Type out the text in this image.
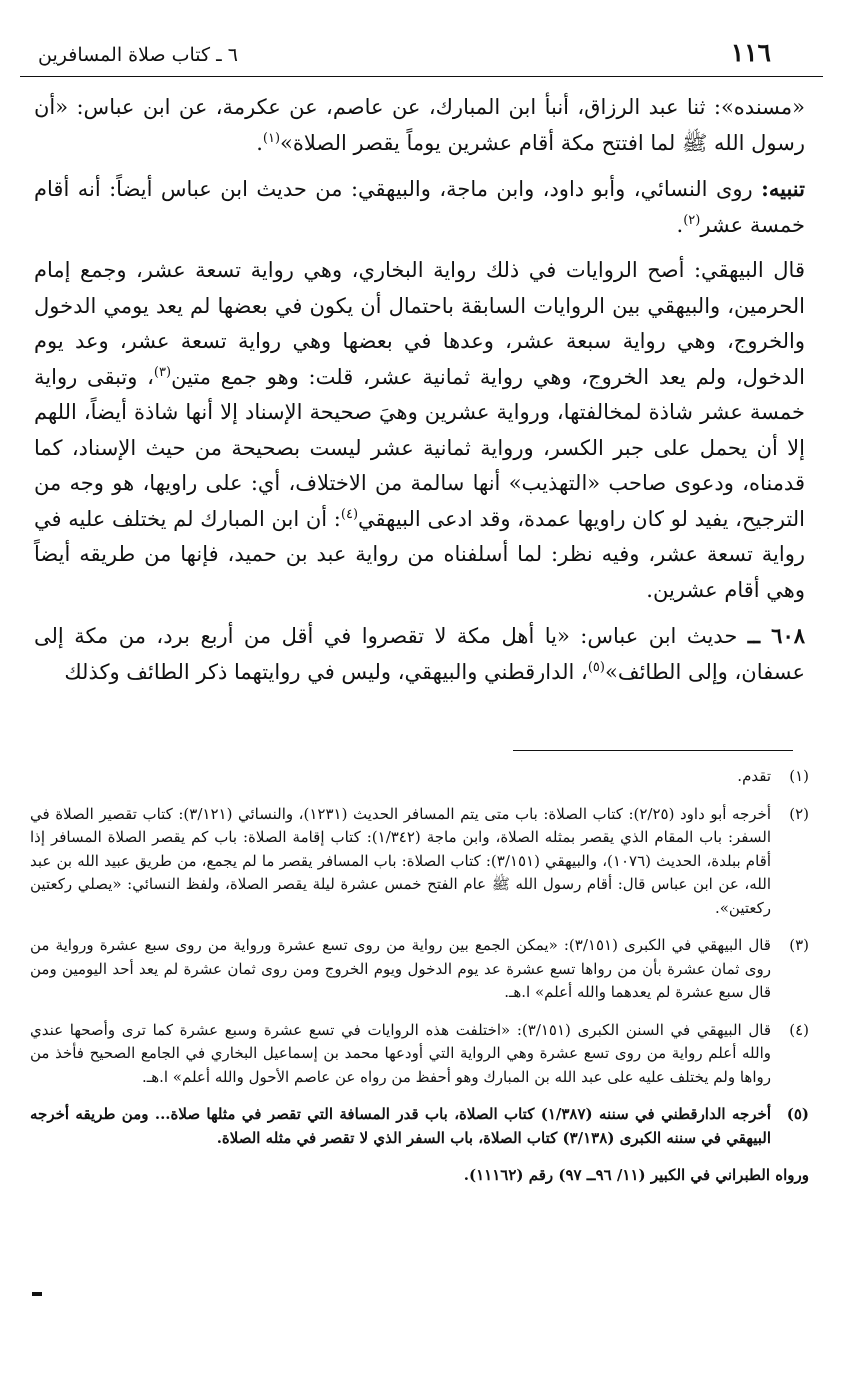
١١٦
٦ ـ كتاب صلاة المسافرين

«مسنده»: ثنا عبد الرزاق، أنبأ ابن المبارك، عن عاصم، عن عكرمة، عن ابن عباس: «أن رسول الله ﷺ لما افتتح مكة أقام عشرين يوماً يقصر الصلاة»$^{(١)}$.

تنبيه: روى النسائي، وأبو داود، وابن ماجة، والبيهقي: من حديث ابن عباس أيضاً: أنه أقام خمسة عشر$^{(٢)}$.

قال البيهقي: أصح الروايات في ذلك رواية البخاري، وهي رواية تسعة عشر، وجمع إمام الحرمين، والبيهقي بين الروايات السابقة باحتمال أن يكون في بعضها لم يعد يومي الدخول والخروج، وهي رواية سبعة عشر، وعدها في بعضها وهي رواية تسعة عشر، وعد يوم الدخول، ولم يعد الخروج، وهي رواية ثمانية عشر، قلت: وهو جمع متين$^{(٣)}$، وتبقى رواية خمسة عشر شاذة لمخالفتها، ورواية عشرين وهيَ صحيحة الإسناد إلا أنها شاذة أيضاً، اللهم إلا أن يحمل على جبر الكسر، ورواية ثمانية عشر ليست بصحيحة من حيث الإسناد، كما قدمناه، ودعوى صاحب «التهذيب» أنها سالمة من الاختلاف، أي: على راويها، هو وجه من الترجيح، يفيد لو كان راويها عمدة، وقد ادعى البيهقي$^{(٤)}$: أن ابن المبارك لم يختلف عليه في رواية تسعة عشر، وفيه نظر: لما أسلفناه من رواية عبد بن حميد، فإنها من طريقه أيضاً وهي أقام عشرين.

٦٠٨ ــ حديث ابن عباس: «يا أهل مكة لا تقصروا في أقل من أربع برد، من مكة إلى عسفان، وإلى الطائف»$^{(٥)}$، الدارقطني والبيهقي، وليس في روايتهما ذكر الطائف وكذلك

(١)
تقدم.
(٢)
أخرجه أبو داود (٢/٢٥): كتاب الصلاة: باب متى يتم المسافر الحديث (١٢٣١)، والنسائي (٣/١٢١): كتاب تقصير الصلاة في السفر: باب المقام الذي يقصر بمثله الصلاة، وابن ماجة (١/٣٤٢): كتاب إقامة الصلاة: باب كم يقصر الصلاة المسافر إذا أقام ببلدة، الحديث (١٠٧٦)، والبيهقي (٣/١٥١): كتاب الصلاة: باب المسافر يقصر ما لم يجمع، من طريق عبيد الله بن عبد الله، عن ابن عباس قال: أقام رسول الله ﷺ عام الفتح خمس عشرة ليلة يقصر الصلاة، ولفظ النسائي: «يصلي ركعتين ركعتين».
(٣)
قال البيهقي في الكبرى (٣/١٥١): «يمكن الجمع بين رواية من روى تسع عشرة ورواية من روى سبع عشرة ورواية من روى ثمان عشرة بأن من رواها تسع عشرة عد يوم الدخول ويوم الخروج ومن روى ثمان عشرة لم يعد أحد اليومين ومن قال سبع عشرة لم يعدهما والله أعلم» ا.هـ.
(٤)
قال البيهقي في السنن الكبرى (٣/١٥١): «اختلفت هذه الروايات في تسع عشرة وسبع عشرة كما ترى وأصحها عندي والله أعلم رواية من روى تسع عشرة وهي الرواية التي أودعها محمد بن إسماعيل البخاري في الجامع الصحيح فأخذ من رواها ولم يختلف عليه على عبد الله بن المبارك وهو أحفظ من رواه عن عاصم الأحول والله أعلم» ا.هـ.
(٥)
أخرجه الدارقطني في سننه (١/٣٨٧) كتاب الصلاة، باب قدر المسافة التي تقصر في مثلها صلاة... ومن طريقه أخرجه البيهقي في سننه الكبرى (٣/١٣٨) كتاب الصلاة، باب السفر الذي لا تقصر في مثله الصلاة.
ورواه الطبراني في الكبير (١١/ ٩٦ــ ٩٧) رقم (١١١٦٢).
